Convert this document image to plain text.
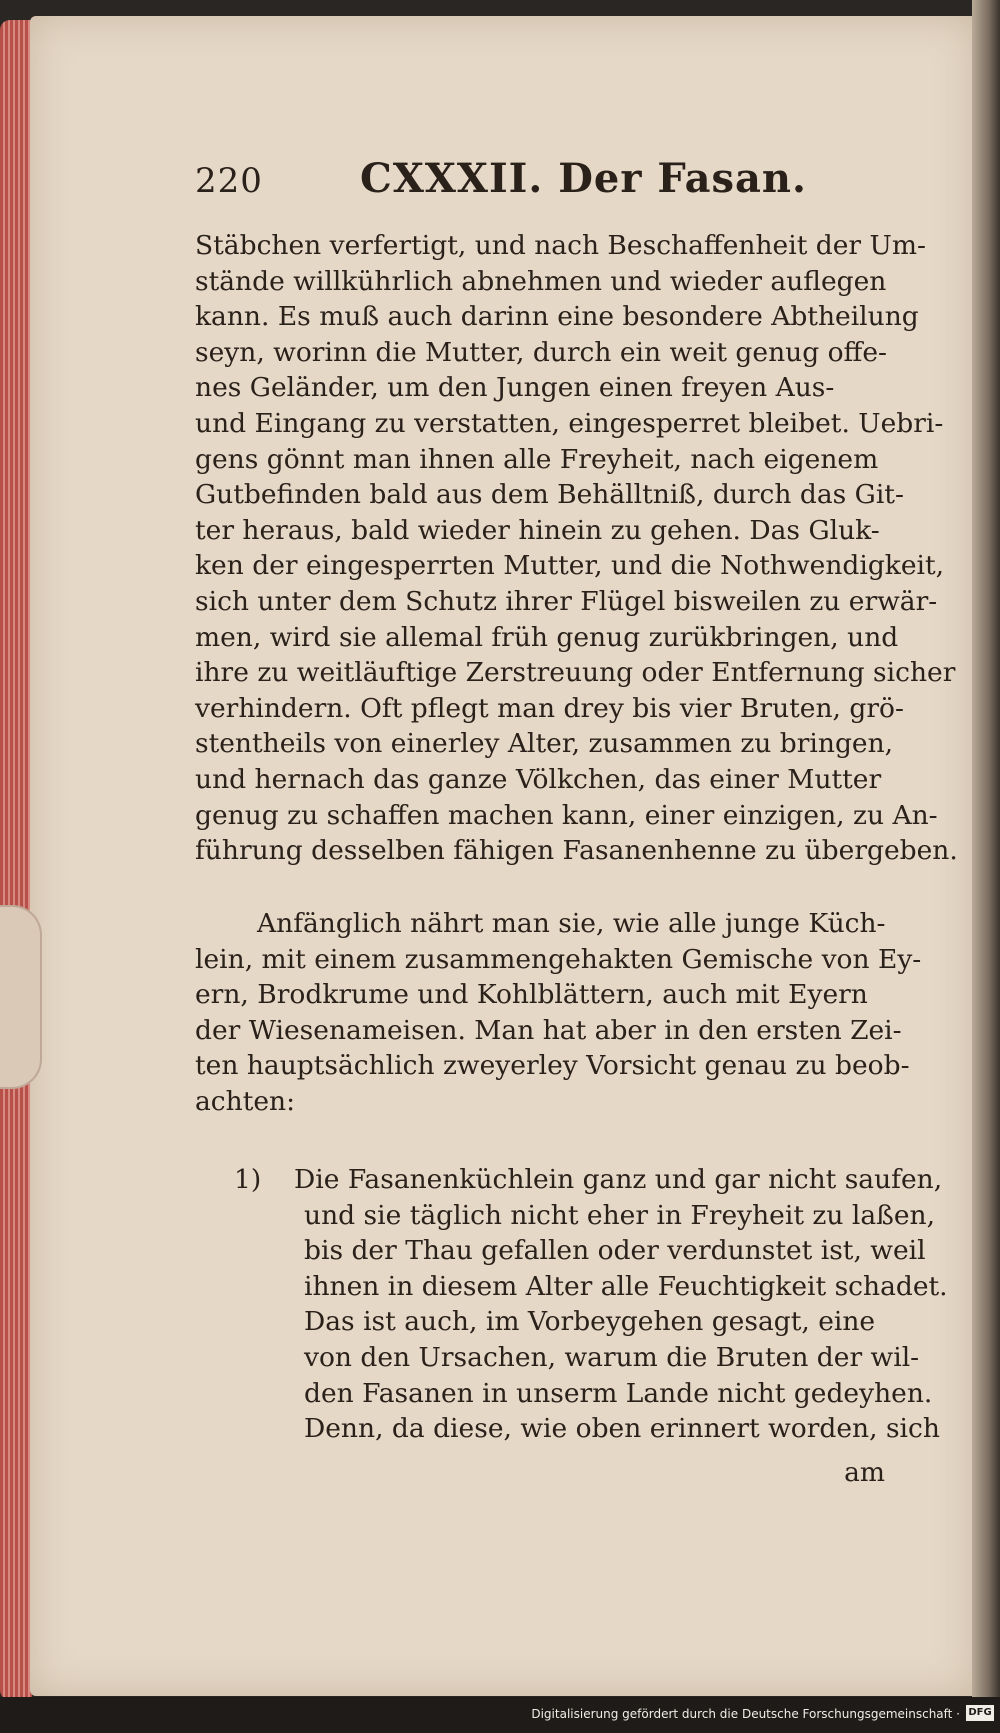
220 CXXXII. Der Fasan.
Stäbchen verfertigt, und nach Beschaffenheit der Um-
stände willkührlich abnehmen und wieder auflegen
kann. Es muß auch darinn eine besondere Abtheilung
seyn, worinn die Mutter, durch ein weit genug offe-
nes Geländer, um den Jungen einen freyen Aus-
und Eingang zu verstatten, eingesperret bleibet. Uebri-
gens gönnt man ihnen alle Freyheit, nach eigenem
Gutbefinden bald aus dem Behälltniß, durch das Git-
ter heraus, bald wieder hinein zu gehen. Das Gluk-
ken der eingesperrten Mutter, und die Nothwendigkeit,
sich unter dem Schutz ihrer Flügel bisweilen zu erwär-
men, wird sie allemal früh genug zurükbringen, und
ihre zu weitläuftige Zerstreuung oder Entfernung sicher
verhindern. Oft pflegt man drey bis vier Bruten, grö-
stentheils von einerley Alter, zusammen zu bringen,
und hernach das ganze Völkchen, das einer Mutter
genug zu schaffen machen kann, einer einzigen, zu An-
führung desselben fähigen Fasanenhenne zu übergeben.
Anfänglich nährt man sie, wie alle junge Küch-
lein, mit einem zusammengehakten Gemische von Ey-
ern, Brodkrume und Kohlblättern, auch mit Eyern
der Wiesenameisen. Man hat aber in den ersten Zei-
ten hauptsächlich zweyerley Vorsicht genau zu beob-
achten:
1) Die Fasanenküchlein ganz und gar nicht saufen,
und sie täglich nicht eher in Freyheit zu laßen,
bis der Thau gefallen oder verdunstet ist, weil
ihnen in diesem Alter alle Feuchtigkeit schadet.
Das ist auch, im Vorbeygehen gesagt, eine
von den Ursachen, warum die Bruten der wil-
den Fasanen in unserm Lande nicht gedeyhen.
Denn, da diese, wie oben erinnert worden, sich
am
Digitalisierung gefördert durch die Deutsche Forschungsgemeinschaft · DFG
